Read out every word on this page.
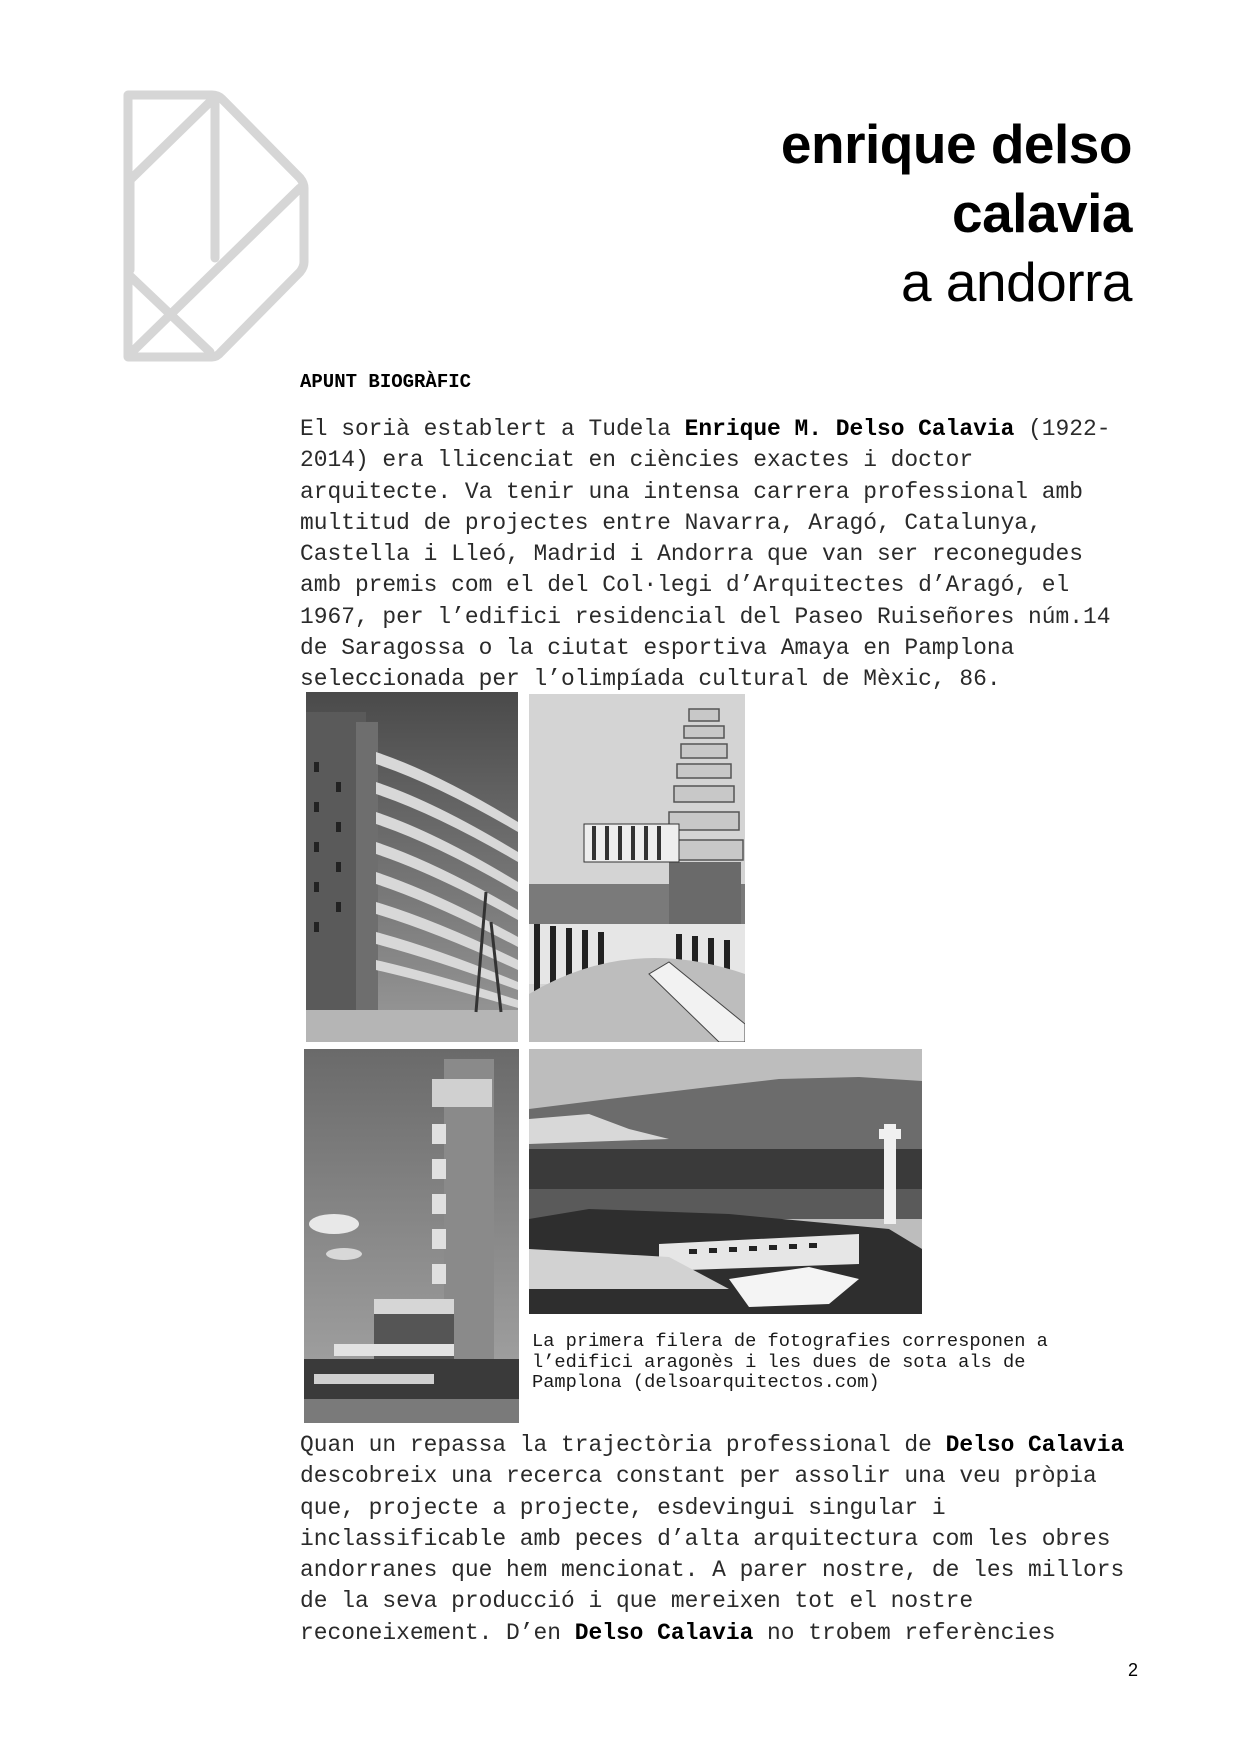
enrique delso
calavia
a andorra
APUNT BIOGRÀFIC
El sorià establert a Tudela Enrique M. Delso Calavia (1922-
2014) era llicenciat en ciències exactes i doctor
arquitecte. Va tenir una intensa carrera professional amb
multitud de projectes entre Navarra, Aragó, Catalunya,
Castella i Lleó, Madrid i Andorra que van ser reconegudes
amb premis com el del Col·legi d’Arquitectes d’Aragó, el
1967, per l’edifici residencial del Paseo Ruiseñores núm.14
de Saragossa o la ciutat esportiva Amaya en Pamplona
seleccionada per l’olimpíada cultural de Mèxic, 86.
La primera filera de fotografies corresponen a
l’edifici aragonès i les dues de sota als de
Pamplona (delsoarquitectos.com)
Quan un repassa la trajectòria professional de Delso Calavia
descobreix una recerca constant per assolir una veu pròpia
que, projecte a projecte, esdevingui singular i
inclassificable amb peces d’alta arquitectura com les obres
andorranes que hem mencionat. A parer nostre, de les millors
de la seva producció i que mereixen tot el nostre
reconeixement. D’en Delso Calavia no trobem referències
2
